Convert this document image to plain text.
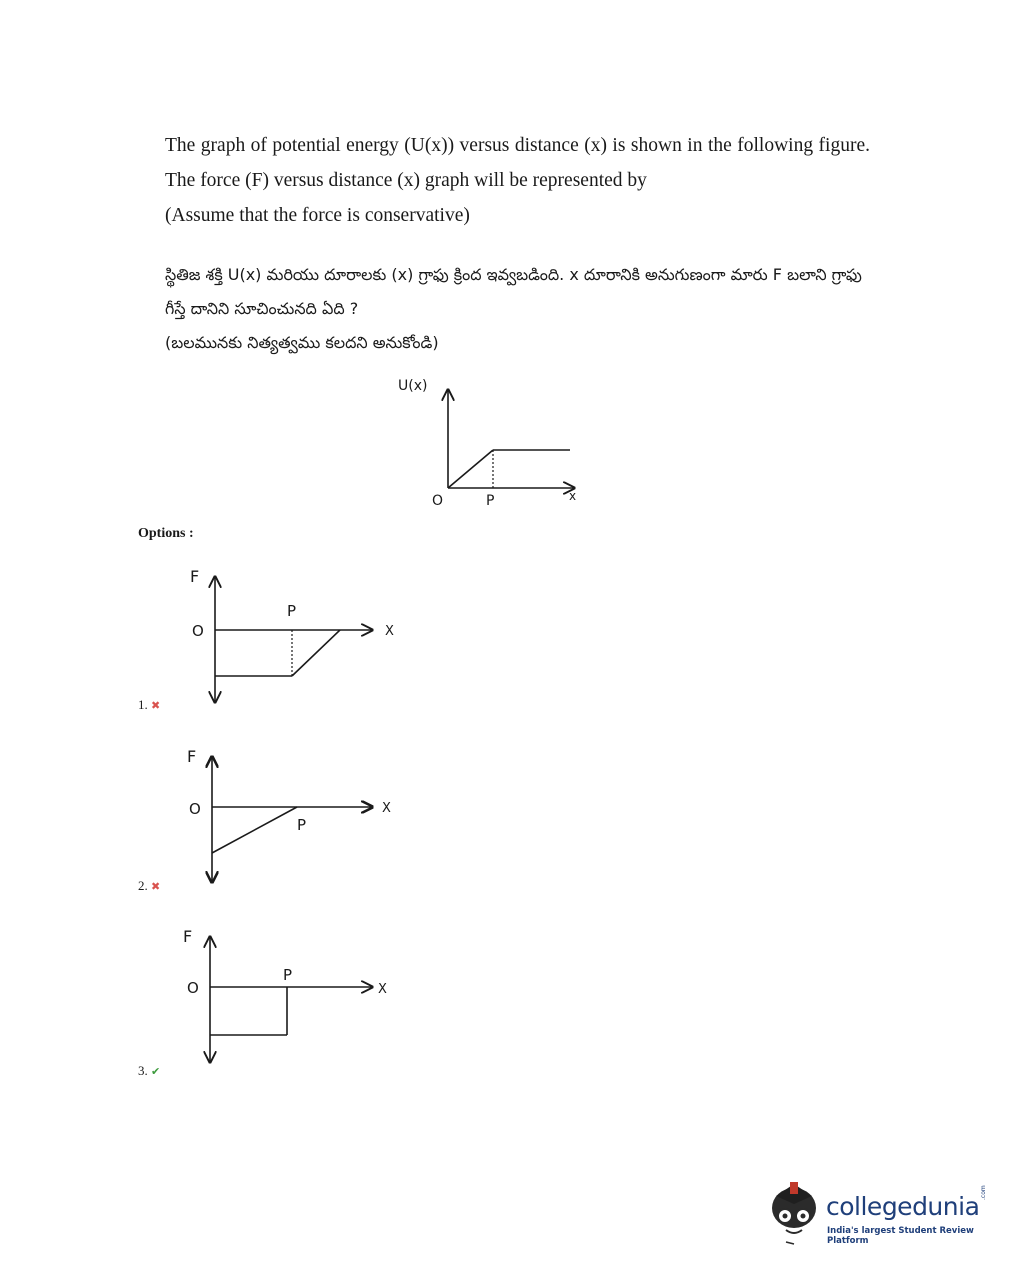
The graph of potential energy (U(x)) versus distance (x) is shown in the following figure. The force (F) versus distance (x) graph will be represented by

(Assume that the force is conservative)

స్థితిజ శక్తి U(x) మరియు దూరాలకు (x) గ్రాఫు క్రింద ఇవ్వబడింది. x దూరానికి అనుగుణంగా మారు F బలాని గ్రాఫు గీస్తే దానిని సూచించునది ఏది ?

(బలమునకు నిత్యత్వము కలదని అనుకోండి)

U(x)
O	P	x
Options :
F
O	X
P
1. ✖
F
O	X
P
2. ✖
F
O	X
P
3. ✔
collegedunia .com
India's largest Student Review Platform
